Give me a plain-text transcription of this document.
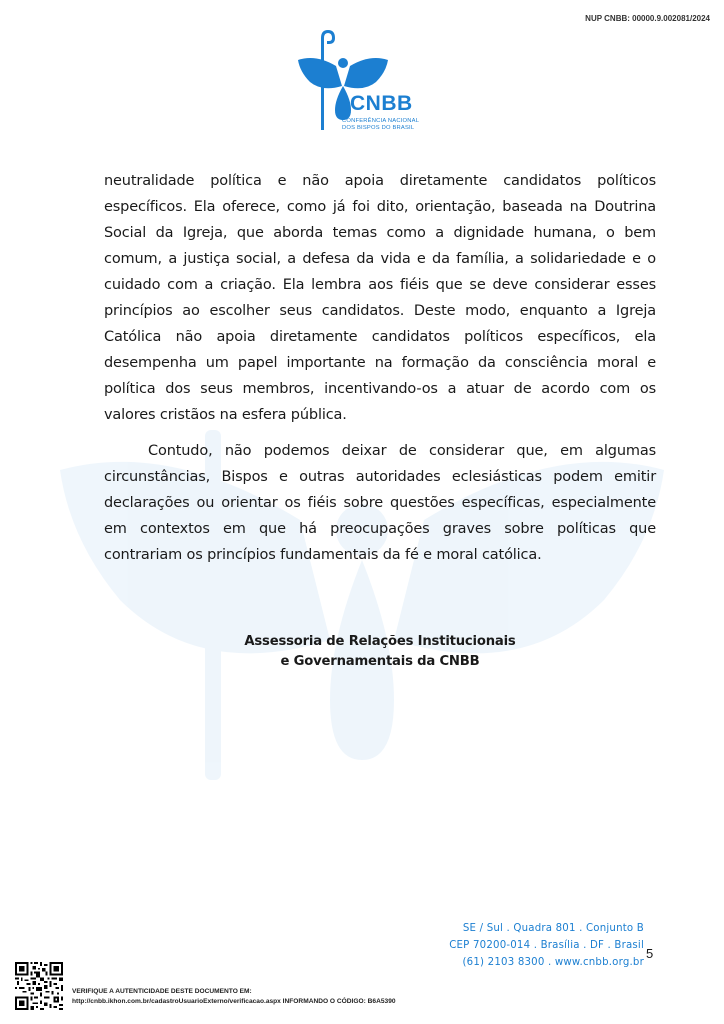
NUP CNBB: 00000.9.002081/2024
CNBB
CONFERÊNCIA NACIONAL
DOS BISPOS DO BRASIL

neutralidade política e não apoia diretamente candidatos políticos específicos. Ela oferece, como já foi dito, orientação, baseada na Doutrina Social da Igreja, que aborda temas como a dignidade humana, o bem comum, a justiça social, a defesa da vida e da família, a solidariedade e o cuidado com a criação. Ela lembra aos fiéis que se deve considerar esses princípios ao escolher seus candidatos. Deste modo, enquanto a Igreja Católica não apoia diretamente candidatos políticos específicos, ela desempenha um papel importante na formação da consciência moral e política dos seus membros, incentivando-os a atuar de acordo com os valores cristãos na esfera pública.

Contudo, não podemos deixar de considerar que, em algumas circunstâncias, Bispos e outras autoridades eclesiásticas podem emitir declarações ou orientar os fiéis sobre questões específicas, especialmente em contextos em que há preocupações graves sobre políticas que contrariam os princípios fundamentais da fé e moral católica.

Assessoria de Relações Institucionais
e Governamentais da CNBB
SE / Sul . Quadra 801 . Conjunto B
CEP 70200-014 . Brasília . DF . Brasil
(61) 2103 8300 . www.cnbb.org.br
5
VERIFIQUE A AUTENTICIDADE DESTE DOCUMENTO EM:
http://cnbb.ikhon.com.br/cadastroUsuarioExterno/verificacao.aspx INFORMANDO O CÓDIGO: B6A5390
